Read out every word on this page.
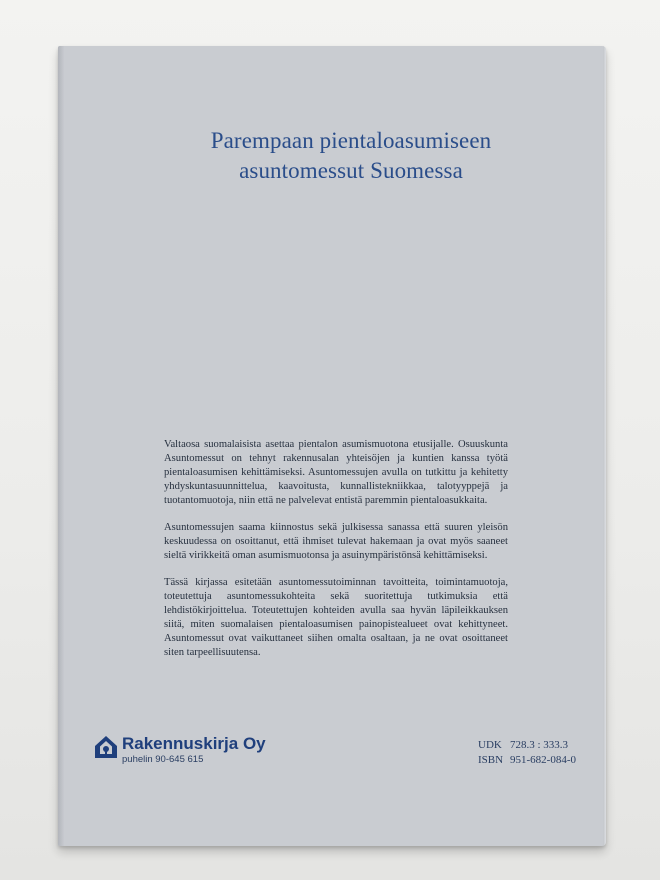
Parempaan pientaloasumiseen
asuntomessut Suomessa

Valtaosa suomalaisista asettaa pientalon asumismuotona etusijalle. Osuuskunta Asuntomessut on tehnyt rakennusalan yhteisöjen ja kuntien kanssa työtä pientaloasumisen kehittämiseksi. Asuntomessujen avulla on tutkittu ja kehitetty yhdyskuntasuunnittelua, kaavoitusta, kunnallistekniikkaa, talotyyppejä ja tuotantomuotoja, niin että ne palvelevat entistä paremmin pientaloasukkaita.

Asuntomessujen saama kiinnostus sekä julkisessa sanassa että suuren yleisön keskuudessa on osoittanut, että ihmiset tulevat hakemaan ja ovat myös saaneet sieltä virikkeitä oman asumismuotonsa ja asuinympäristönsä kehittämiseksi.

Tässä kirjassa esitetään asuntomessutoiminnan tavoitteita, toimintamuotoja, toteutettuja asuntomessukohteita sekä suoritettuja tutkimuksia että lehdistökirjoittelua. Toteutettujen kohteiden avulla saa hyvän läpileikkauksen siitä, miten suomalaisen pientaloasumisen painopistealueet ovat kehittyneet. Asuntomessut ovat vaikuttaneet siihen omalta osaltaan, ja ne ovat osoittaneet siten tarpeellisuutensa.

Rakennuskirja Oy
puhelin 90-645 615
UDK 728.3 : 333.3
ISBN 951-682-084-0
